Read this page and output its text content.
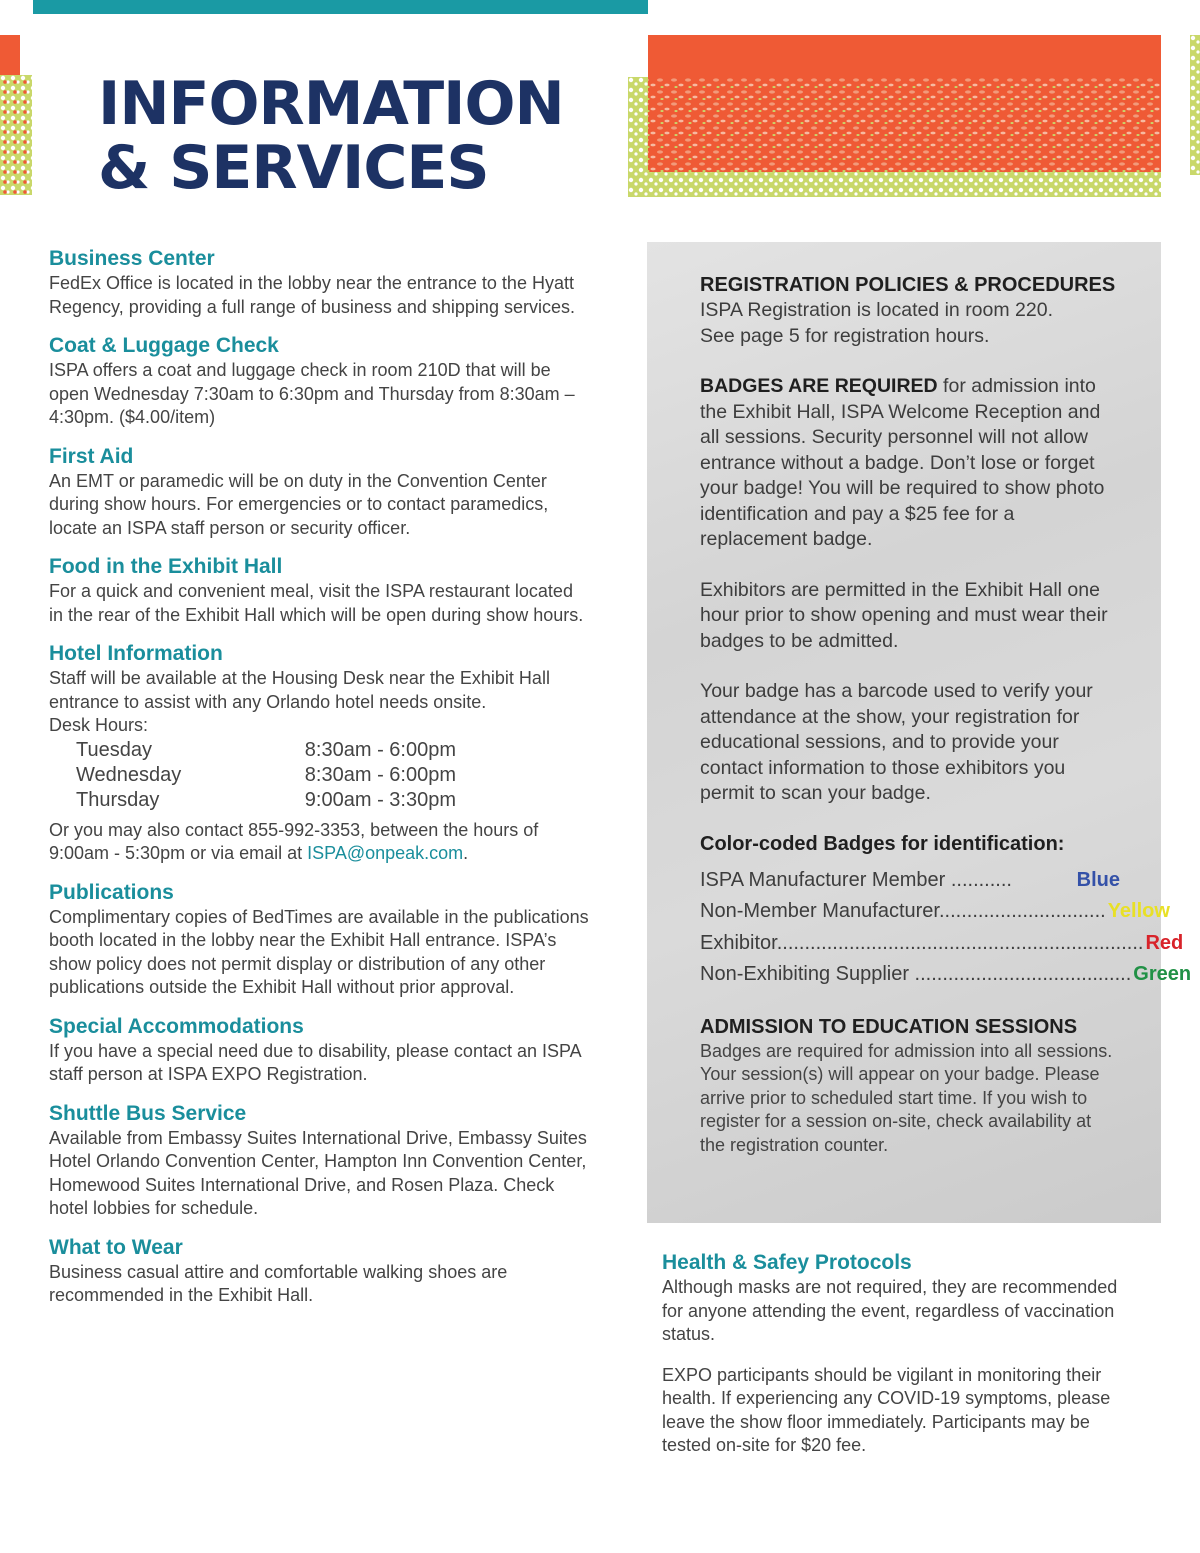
INFORMATION
& SERVICES
Business Center

FedEx Office is located in the lobby near the entrance to the Hyatt Regency, providing a full range of business and shipping services.

Coat & Luggage Check

ISPA offers a coat and luggage check in room 210D that will be open Wednesday 7:30am to 6:30pm and Thursday from 8:30am – 4:30pm. ($4.00/item)

First Aid

An EMT or paramedic will be on duty in the Convention Center during show hours. For emergencies or to contact paramedics, locate an ISPA staff person or security officer.

Food in the Exhibit Hall

For a quick and convenient meal, visit the ISPA restaurant located in the rear of the Exhibit Hall which will be open during show hours.

Hotel Information

Staff will be available at the Housing Desk near the Exhibit Hall entrance to assist with any Orlando hotel needs onsite.

Desk Hours:

Tuesday	8:30am - 6:00pm
Wednesday	8:30am - 6:00pm
Thursday	9:00am - 3:30pm

Or you may also contact 855-992-3353, between the hours of 9:00am - 5:30pm or via email at ISPA@onpeak.com.

Publications

Complimentary copies of BedTimes are available in the publications booth located in the lobby near the Exhibit Hall entrance. ISPA’s show policy does not permit display or distribution of any other publications outside the Exhibit Hall without prior approval.

Special Accommodations

If you have a special need due to disability, please contact an ISPA staff person at ISPA EXPO Registration.

Shuttle Bus Service

Available from Embassy Suites International Drive, Embassy Suites Hotel Orlando Convention Center, Hampton Inn Convention Center, Homewood Suites International Drive, and Rosen Plaza. Check hotel lobbies for schedule.

What to Wear

Business casual attire and comfortable walking shoes are recommended in the Exhibit Hall.

REGISTRATION POLICIES & PROCEDURES

ISPA Registration is located in room 220.

See page 5 for registration hours.

BADGES ARE REQUIRED for admission into the Exhibit Hall, ISPA Welcome Reception and all sessions. Security personnel will not allow entrance without a badge. Don’t lose or forget your badge! You will be required to show photo identification and pay a $25 fee for a replacement badge.

Exhibitors are permitted in the Exhibit Hall one hour prior to show opening and must wear their badges to be admitted.

Your badge has a barcode used to verify your attendance at the show, your registration for educational sessions, and to provide your contact information to those exhibitors you permit to scan your badge.

Color-coded Badges for identification:

ISPA Manufacturer Member ...........	Blue
Non-Member Manufacturer.............................. Yellow
Exhibitor.................................................................. Red
Non-Exhibiting Supplier ....................................... Green

ADMISSION TO EDUCATION SESSIONS

Badges are required for admission into all sessions. Your session(s) will appear on your badge. Please arrive prior to scheduled start time. If you wish to register for a session on-site, check availability at the registration counter.

Health & Safey Protocols

Although masks are not required, they are recommended for anyone attending the event, regardless of vaccination status.

EXPO participants should be vigilant in monitoring their health. If experiencing any COVID-19 symptoms, please leave the show floor immediately. Participants may be tested on-site for $20 fee.
